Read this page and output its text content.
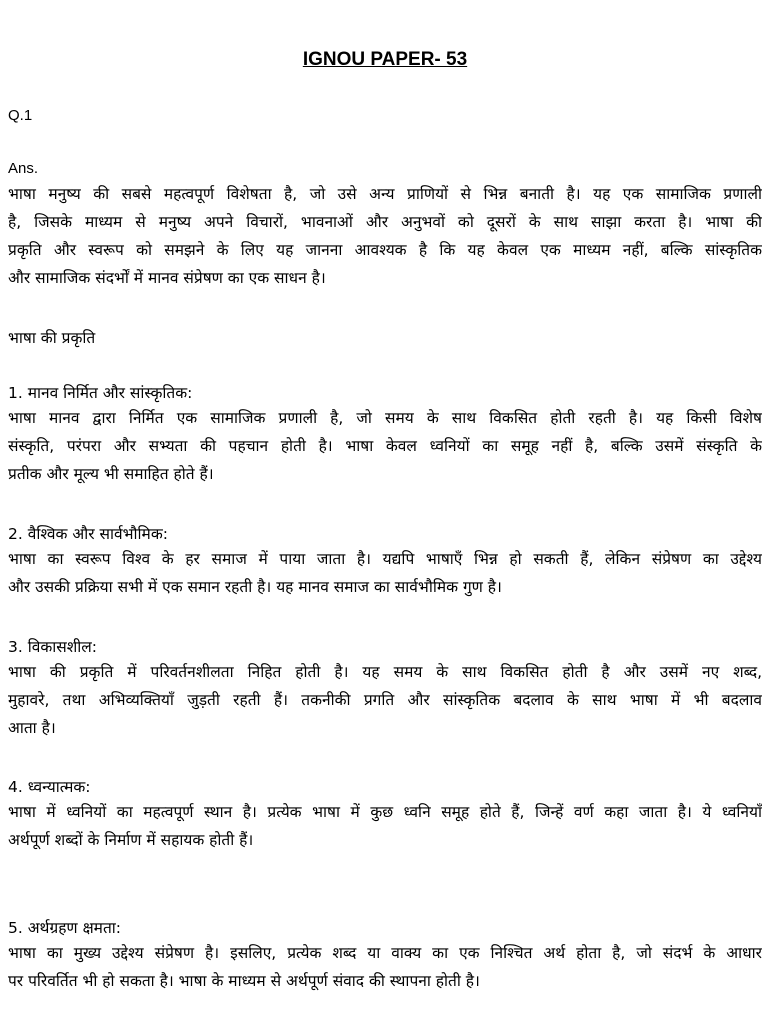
IGNOU PAPER- 53
Q.1
Ans.
भाषा मनुष्य की सबसे महत्वपूर्ण विशेषता है, जो उसे अन्य प्राणियों से भिन्न बनाती है। यह एक सामाजिक प्रणाली
है, जिसके माध्यम से मनुष्य अपने विचारों, भावनाओं और अनुभवों को दूसरों के साथ साझा करता है। भाषा की
प्रकृति और स्वरूप को समझने के लिए यह जानना आवश्यक है कि यह केवल एक माध्यम नहीं, बल्कि सांस्कृतिक
और सामाजिक संदर्भों में मानव संप्रेषण का एक साधन है।
भाषा की प्रकृति
1. मानव निर्मित और सांस्कृतिक:
भाषा मानव द्वारा निर्मित एक सामाजिक प्रणाली है, जो समय के साथ विकसित होती रहती है। यह किसी विशेष
संस्कृति, परंपरा और सभ्यता की पहचान होती है। भाषा केवल ध्वनियों का समूह नहीं है, बल्कि उसमें संस्कृति के
प्रतीक और मूल्य भी समाहित होते हैं।
2. वैश्विक और सार्वभौमिक:
भाषा का स्वरूप विश्व के हर समाज में पाया जाता है। यद्यपि भाषाएँ भिन्न हो सकती हैं, लेकिन संप्रेषण का उद्देश्य
और उसकी प्रक्रिया सभी में एक समान रहती है। यह मानव समाज का सार्वभौमिक गुण है।
3. विकासशील:
भाषा की प्रकृति में परिवर्तनशीलता निहित होती है। यह समय के साथ विकसित होती है और उसमें नए शब्द,
मुहावरे, तथा अभिव्यक्तियाँ जुड़ती रहती हैं। तकनीकी प्रगति और सांस्कृतिक बदलाव के साथ भाषा में भी बदलाव
आता है।
4. ध्वन्यात्मक:
भाषा में ध्वनियों का महत्वपूर्ण स्थान है। प्रत्येक भाषा में कुछ ध्वनि समूह होते हैं, जिन्हें वर्ण कहा जाता है। ये ध्वनियाँ
अर्थपूर्ण शब्दों के निर्माण में सहायक होती हैं।
5. अर्थग्रहण क्षमता:
भाषा का मुख्य उद्देश्य संप्रेषण है। इसलिए, प्रत्येक शब्द या वाक्य का एक निश्चित अर्थ होता है, जो संदर्भ के आधार
पर परिवर्तित भी हो सकता है। भाषा के माध्यम से अर्थपूर्ण संवाद की स्थापना होती है।
